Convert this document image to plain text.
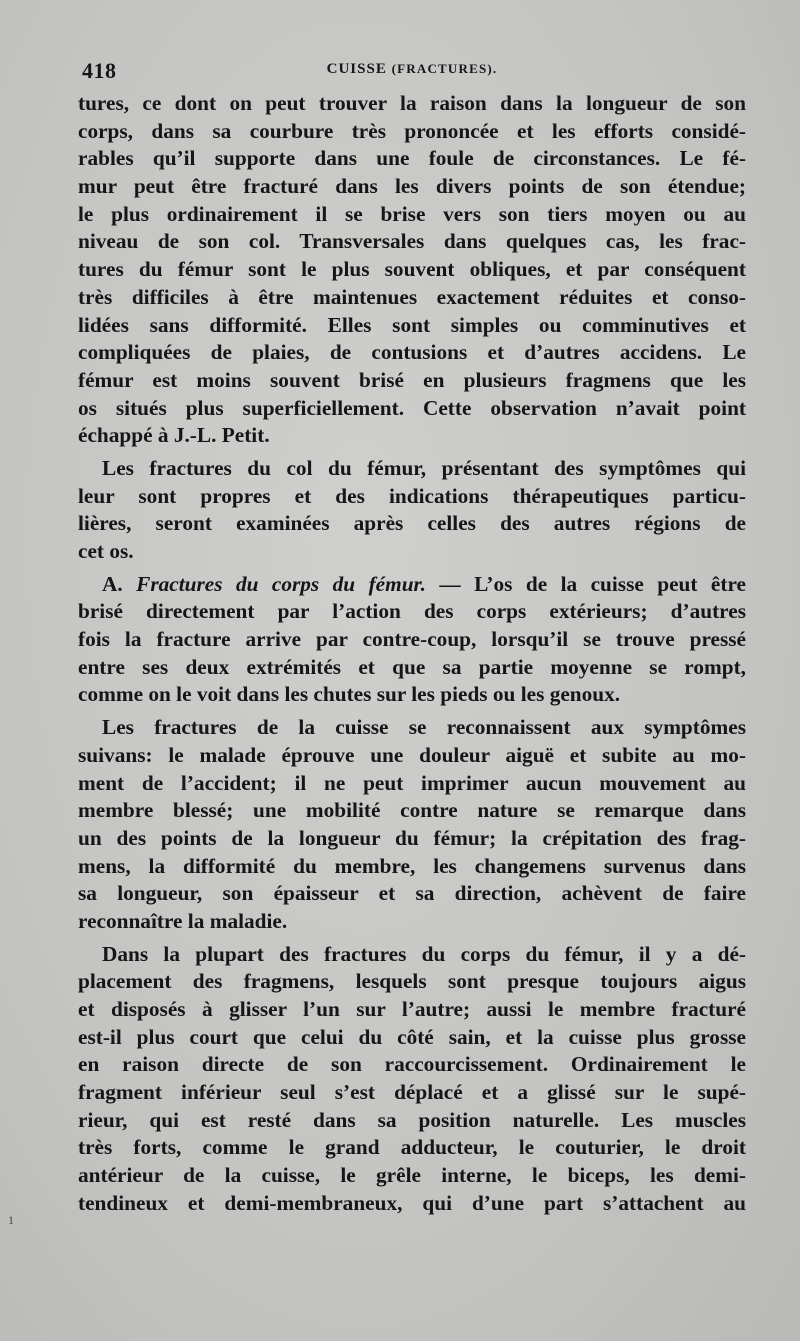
418	CUISSE (FRACTURES).
tures, ce dont on peut trouver la raison dans la longueur de son
corps, dans sa courbure très prononcée et les efforts considé-
rables qu’il supporte dans une foule de circonstances. Le fé-
mur peut être fracturé dans les divers points de son étendue;
le plus ordinairement il se brise vers son tiers moyen ou au
niveau de son col. Transversales dans quelques cas, les frac-
tures du fémur sont le plus souvent obliques, et par conséquent
très difficiles à être maintenues exactement réduites et conso-
lidées sans difformité. Elles sont simples ou comminutives et
compliquées de plaies, de contusions et d’autres accidens. Le
fémur est moins souvent brisé en plusieurs fragmens que les
os situés plus superficiellement. Cette observation n’avait point
échappé à J.-L. Petit.
Les fractures du col du fémur, présentant des symptômes qui
leur sont propres et des indications thérapeutiques particu-
lières, seront examinées après celles des autres régions de
cet os.
A. Fractures du corps du fémur. — L’os de la cuisse peut être
brisé directement par l’action des corps extérieurs; d’autres
fois la fracture arrive par contre-coup, lorsqu’il se trouve pressé
entre ses deux extrémités et que sa partie moyenne se rompt,
comme on le voit dans les chutes sur les pieds ou les genoux.
Les fractures de la cuisse se reconnaissent aux symptômes
suivans: le malade éprouve une douleur aiguë et subite au mo-
ment de l’accident; il ne peut imprimer aucun mouvement au
membre blessé; une mobilité contre nature se remarque dans
un des points de la longueur du fémur; la crépitation des frag-
mens, la difformité du membre, les changemens survenus dans
sa longueur, son épaisseur et sa direction, achèvent de faire
reconnaître la maladie.
Dans la plupart des fractures du corps du fémur, il y a dé-
placement des fragmens, lesquels sont presque toujours aigus
et disposés à glisser l’un sur l’autre; aussi le membre fracturé
est-il plus court que celui du côté sain, et la cuisse plus grosse
en raison directe de son raccourcissement. Ordinairement le
fragment inférieur seul s’est déplacé et a glissé sur le supé-
rieur, qui est resté dans sa position naturelle. Les muscles
très forts, comme le grand adducteur, le couturier, le droit
antérieur de la cuisse, le grêle interne, le biceps, les demi-
tendineux et demi-membraneux, qui d’une part s’attachent au
1
